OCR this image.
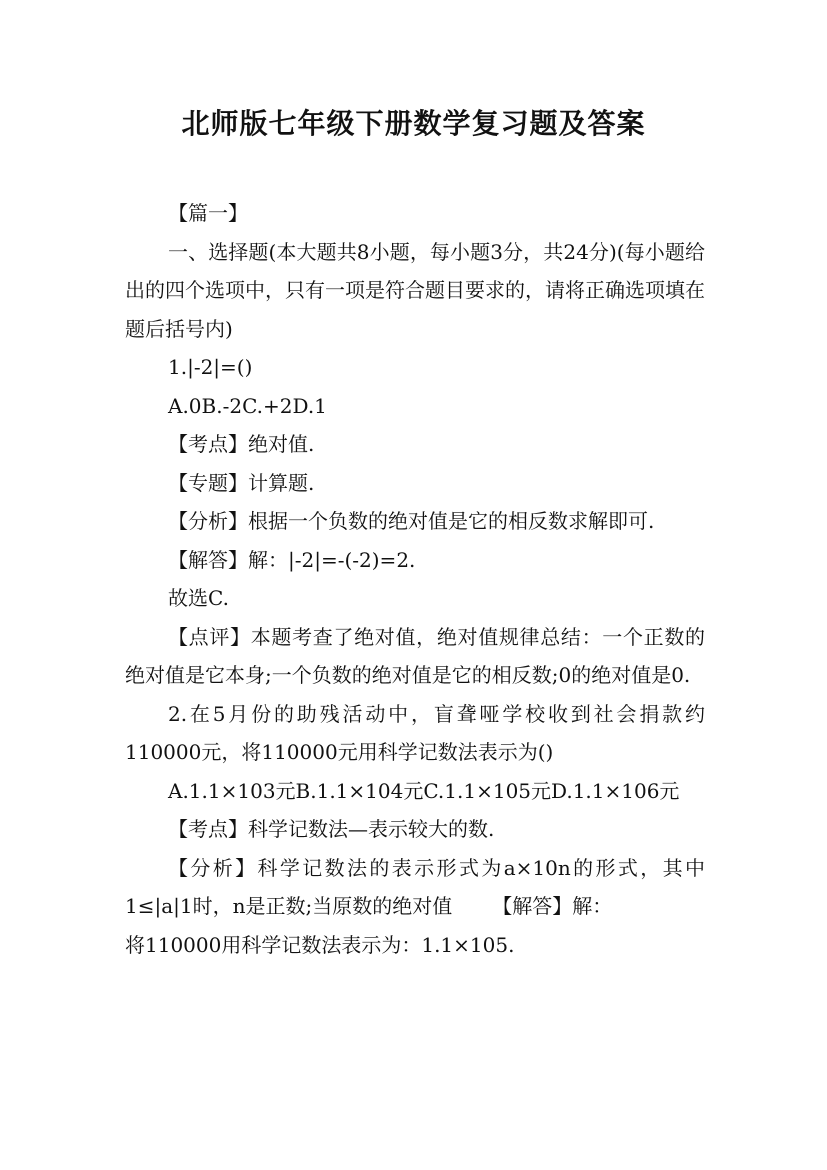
北师版七年级下册数学复习题及答案

【篇一】

一、选择题(本大题共8小题，每小题3分，共24分)(每小题给出的四个选项中，只有一项是符合题目要求的，请将正确选项填在题后括号内)

1.|-2|=()

A.0B.-2C.+2D.1

【考点】绝对值.

【专题】计算题.

【分析】根据一个负数的绝对值是它的相反数求解即可.

【解答】解：|-2|=-(-2)=2.

故选C.

【点评】本题考查了绝对值，绝对值规律总结：一个正数的绝对值是它本身;一个负数的绝对值是它的相反数;0的绝对值是0.

2.在5月份的助残活动中，盲聋哑学校收到社会捐款约110000元，将110000元用科学记数法表示为()

A.1.1×103元B.1.1×104元C.1.1×105元D.1.1×106元

【考点】科学记数法—表示较大的数.

【分析】科学记数法的表示形式为a×10n的形式，其中1≤|a|1时，n是正数;当原数的绝对值 【解答】解：

将110000用科学记数法表示为：1.1×105.
